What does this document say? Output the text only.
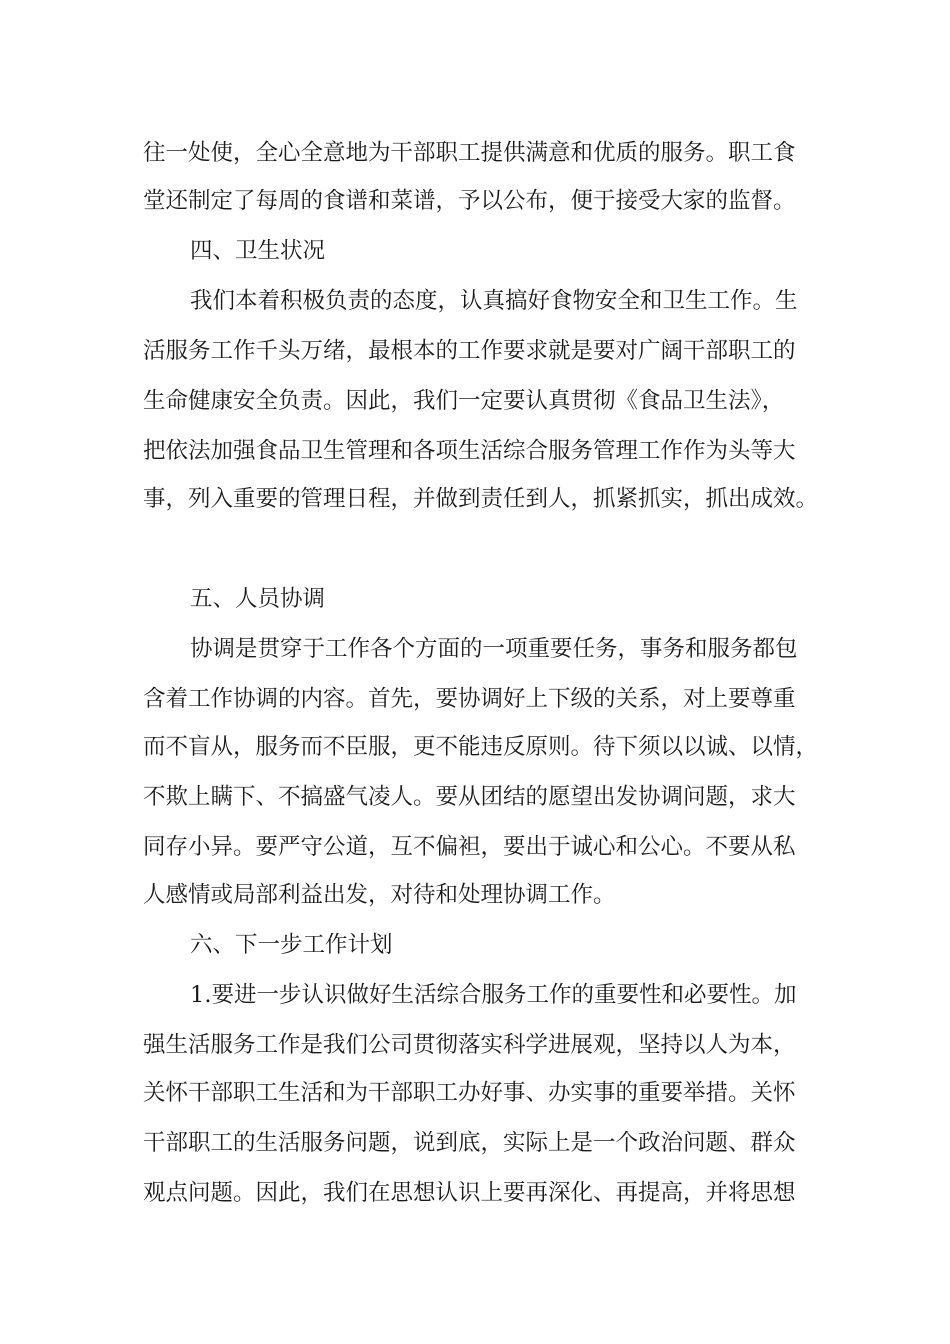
往一处使，全心全意地为干部职工提供满意和优质的服务。职工食
堂还制定了每周的食谱和菜谱，予以公布，便于接受大家的监督。
四、卫生状况
我们本着积极负责的态度，认真搞好食物安全和卫生工作。生
活服务工作千头万绪，最根本的工作要求就是要对广阔干部职工的
生命健康安全负责。因此，我们一定要认真贯彻《食品卫生法》，
把依法加强食品卫生管理和各项生活综合服务管理工作作为头等大
事，列入重要的管理日程，并做到责任到人，抓紧抓实，抓出成效。
五、人员协调
协调是贯穿于工作各个方面的一项重要任务，事务和服务都包
含着工作协调的内容。首先，要协调好上下级的关系，对上要尊重
而不盲从，服务而不臣服，更不能违反原则。待下须以以诚、以情，
不欺上瞒下、不搞盛气凌人。要从团结的愿望出发协调问题，求大
同存小异。要严守公道，互不偏袒，要出于诚心和公心。不要从私
人感情或局部利益出发，对待和处理协调工作。
六、下一步工作计划
1.要进一步认识做好生活综合服务工作的重要性和必要性。加
强生活服务工作是我们公司贯彻落实科学进展观，坚持以人为本，
关怀干部职工生活和为干部职工办好事、办实事的重要举措。关怀
干部职工的生活服务问题，说到底，实际上是一个政治问题、群众
观点问题。因此，我们在思想认识上要再深化、再提高，并将思想
